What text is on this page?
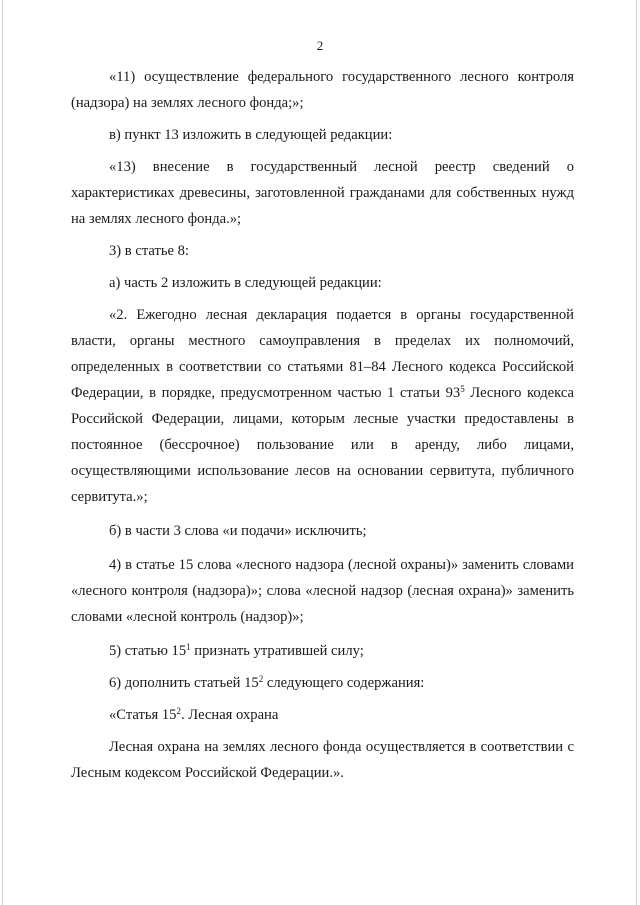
2

«11) осуществление федерального государственного лесного контроля (надзора) на землях лесного фонда;»;

в) пункт 13 изложить в следующей редакции:

«13) внесение в государственный лесной реестр сведений о характеристиках древесины, заготовленной гражданами для собственных нужд на землях лесного фонда.»;

3) в статье 8:

а) часть 2 изложить в следующей редакции:

«2. Ежегодно лесная декларация подается в органы государственной власти, органы местного самоуправления в пределах их полномочий, определенных в соответствии со статьями 81–84 Лесного кодекса Российской Федерации, в порядке, предусмотренном частью 1 статьи $93^5$ Лесного кодекса Российской Федерации, лицами, которым лесные участки предоставлены в постоянное (бессрочное) пользование или в аренду, либо лицами, осуществляющими использование лесов на основании сервитута, публичного сервитута.»;

б) в части 3 слова «и подачи» исключить;

4) в статье 15 слова «лесного надзора (лесной охраны)» заменить словами «лесного контроля (надзора)»; слова «лесной надзор (лесная охрана)» заменить словами «лесной контроль (надзор)»;

5) статью $15^1$ признать утратившей силу;

6) дополнить статьей $15^2$ следующего содержания:

«Статья $15^2$. Лесная охрана

Лесная охрана на землях лесного фонда осуществляется в соответствии с Лесным кодексом Российской Федерации.».
